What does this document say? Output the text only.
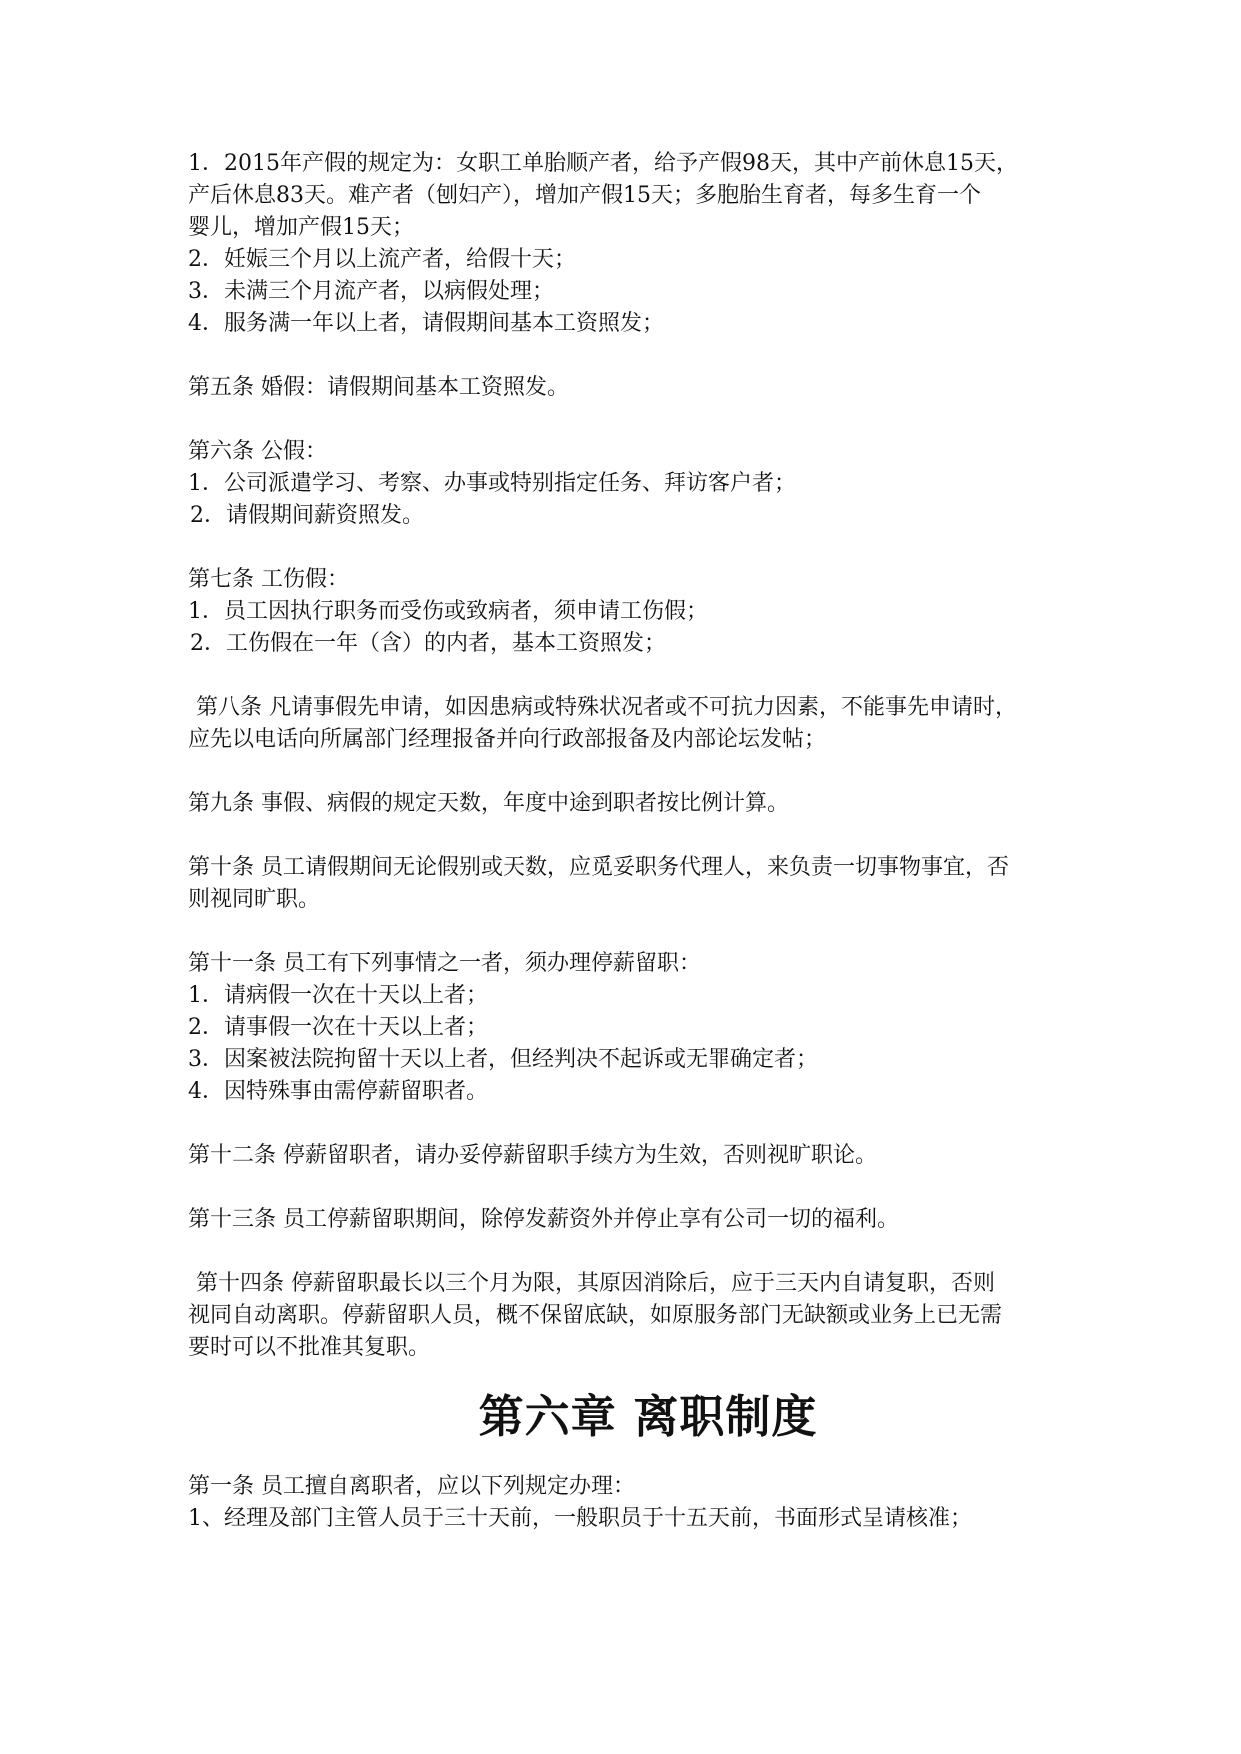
1．2015年产假的规定为：女职工单胎顺产者，给予产假98天，其中产前休息15天，
产后休息83天。难产者（刨妇产），增加产假15天；多胞胎生育者，每多生育一个
婴儿，增加产假15天；
2．妊娠三个月以上流产者，给假十天；
3．未满三个月流产者，以病假处理；
4．服务满一年以上者，请假期间基本工资照发；
第五条 婚假：请假期间基本工资照发。
第六条 公假：
1．公司派遣学习、考察、办事或特别指定任务、拜访客户者；
2．请假期间薪资照发。
第七条 工伤假：
1．员工因执行职务而受伤或致病者，须申请工伤假；
2．工伤假在一年（含）的内者，基本工资照发；
第八条 凡请事假先申请，如因患病或特殊状况者或不可抗力因素，不能事先申请时，
应先以电话向所属部门经理报备并向行政部报备及内部论坛发帖；
第九条 事假、病假的规定天数，年度中途到职者按比例计算。
第十条 员工请假期间无论假别或天数，应觅妥职务代理人，来负责一切事物事宜，否
则视同旷职。
第十一条 员工有下列事情之一者，须办理停薪留职：
1．请病假一次在十天以上者；
2．请事假一次在十天以上者；
3．因案被法院拘留十天以上者，但经判决不起诉或无罪确定者；
4．因特殊事由需停薪留职者。
第十二条 停薪留职者，请办妥停薪留职手续方为生效，否则视旷职论。
第十三条 员工停薪留职期间，除停发薪资外并停止享有公司一切的福利。
第十四条 停薪留职最长以三个月为限，其原因消除后，应于三天内自请复职，否则
视同自动离职。停薪留职人员，概不保留底缺，如原服务部门无缺额或业务上已无需
要时可以不批准其复职。
第六章 离职制度
第一条 员工擅自离职者，应以下列规定办理：
1、经理及部门主管人员于三十天前，一般职员于十五天前，书面形式呈请核准；
